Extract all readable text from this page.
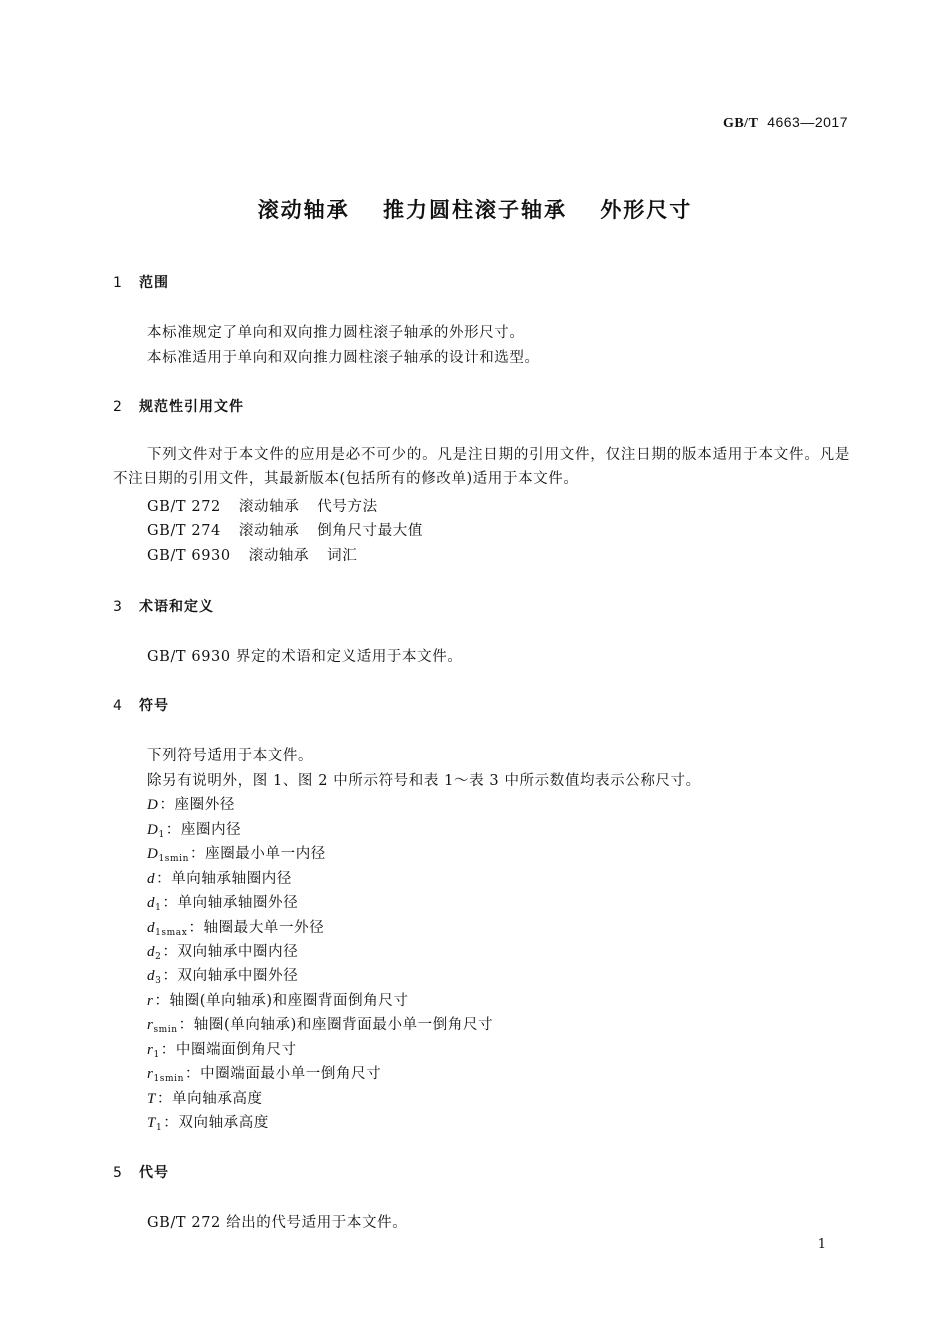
GB/T 4663—2017
滚动轴承 推力圆柱滚子轴承 外形尺寸
1 范围
本标准规定了单向和双向推力圆柱滚子轴承的外形尺寸。
本标准适用于单向和双向推力圆柱滚子轴承的设计和选型。
2 规范性引用文件
下列文件对于本文件的应用是必不可少的。凡是注日期的引用文件，仅注日期的版本适用于本文件。凡是不注日期的引用文件，其最新版本(包括所有的修改单)适用于本文件。
GB/T 272 滚动轴承 代号方法
GB/T 274 滚动轴承 倒角尺寸最大值
GB/T 6930 滚动轴承 词汇
3 术语和定义
GB/T 6930 界定的术语和定义适用于本文件。
4 符号
下列符号适用于本文件。
除另有说明外，图 1、图 2 中所示符号和表 1～表 3 中所示数值均表示公称尺寸。
D：座圈外径
$D_1$：座圈内径
$D_{1smin}$：座圈最小单一内径
d：单向轴承轴圈内径
$d_1$：单向轴承轴圈外径
$d_{1smax}$：轴圈最大单一外径
$d_2$：双向轴承中圈内径
$d_3$：双向轴承中圈外径
r：轴圈(单向轴承)和座圈背面倒角尺寸
$r_{smin}$：轴圈(单向轴承)和座圈背面最小单一倒角尺寸
$r_1$：中圈端面倒角尺寸
$r_{1smin}$：中圈端面最小单一倒角尺寸
T：单向轴承高度
$T_1$：双向轴承高度
5 代号
GB/T 272 给出的代号适用于本文件。
1
